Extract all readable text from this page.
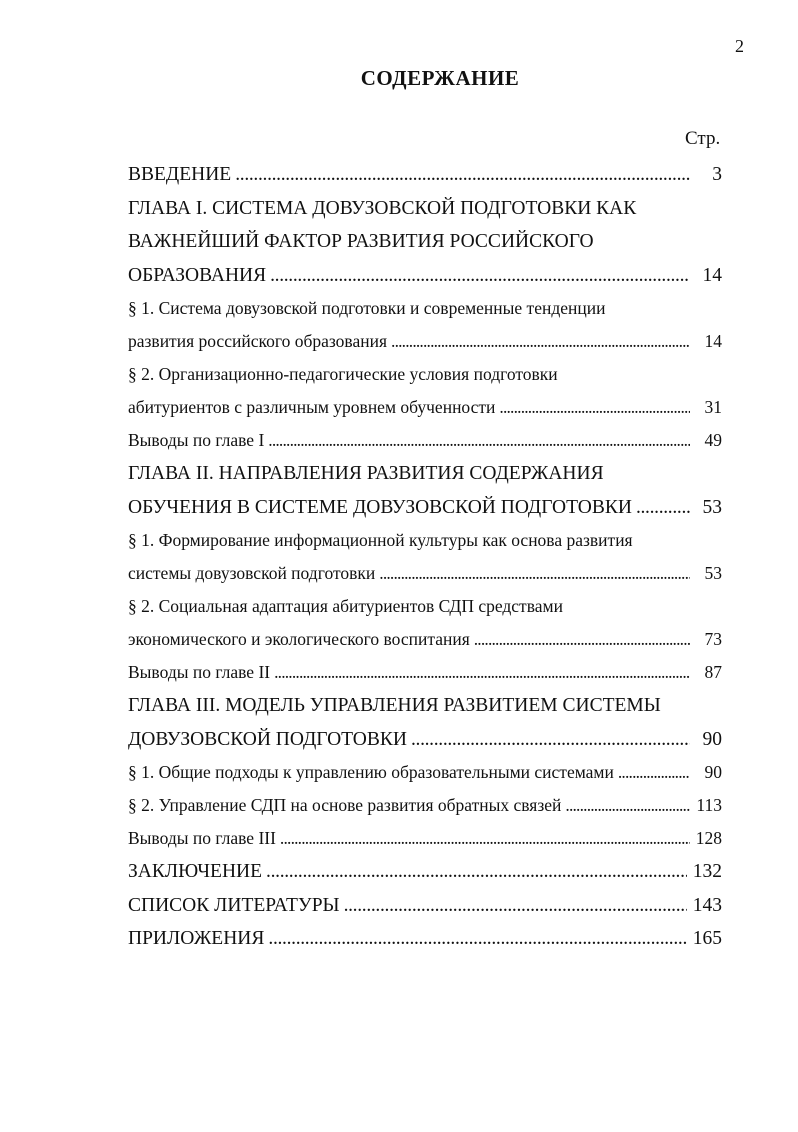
2
СОДЕРЖАНИЕ
Стр.
ВВЕДЕНИЕ . . .	3
ГЛАВА I. СИСТЕМА ДОВУЗОВСКОЙ ПОДГОТОВКИ КАК
ВАЖНЕЙШИЙ ФАКТОР РАЗВИТИЯ РОССИЙСКОГО
ОБРАЗОВАНИЯ . . .	14
§ 1. Система довузовской подготовки и современные тенденции
развития российского образования . . .	14
§ 2. Организационно-педагогические условия подготовки
абитуриентов с различным уровнем обученности . . .	31
Выводы по главе I . . .	49
ГЛАВА II. НАПРАВЛЕНИЯ РАЗВИТИЯ СОДЕРЖАНИЯ
ОБУЧЕНИЯ В СИСТЕМЕ ДОВУЗОВСКОЙ ПОДГОТОВКИ . . .	53
§ 1. Формирование информационной культуры как основа развития
системы довузовской подготовки . . .	53
§ 2. Социальная адаптация абитуриентов СДП средствами
экономического и экологического воспитания . . .	73
Выводы по главе II . . .	87
ГЛАВА III. МОДЕЛЬ УПРАВЛЕНИЯ РАЗВИТИЕМ СИСТЕМЫ
ДОВУЗОВСКОЙ ПОДГОТОВКИ . . .	90
§ 1. Общие подходы к управлению образовательными системами . . .	90
§ 2. Управление СДП на основе развития обратных связей . . .	113
Выводы по главе III . . .	128
ЗАКЛЮЧЕНИЕ . . .	132
СПИСОК ЛИТЕРАТУРЫ . . .	143
ПРИЛОЖЕНИЯ . . .	165
